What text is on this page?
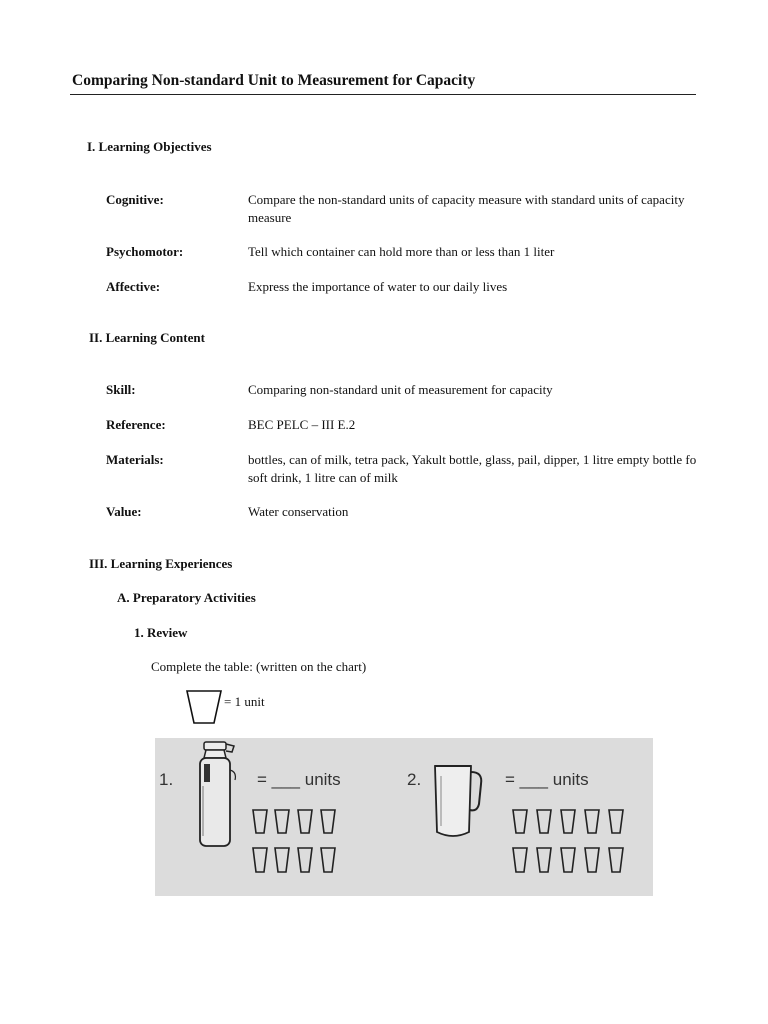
Comparing Non-standard Unit to Measurement for Capacity
I. Learning Objectives
Cognitive:	Compare the non-standard units of capacity measure with standard units of capacity measure
Psychomotor:	Tell which container can hold more than or less than 1 liter
Affective:	Express the importance of water to our daily lives
II. Learning Content
Skill:	Comparing non-standard unit of measurement for capacity
Reference:	BEC PELC – III E.2
Materials:	bottles, can of milk, tetra pack, Yakult bottle, glass, pail, dipper, 1 litre empty bottle fo soft drink, 1 litre can of milk
Value:	Water conservation
III. Learning Experiences
A. Preparatory Activities
1. Review
Complete the table: (written on the chart)
= 1 unit
1.	= ___ units	2.	= ___ units
